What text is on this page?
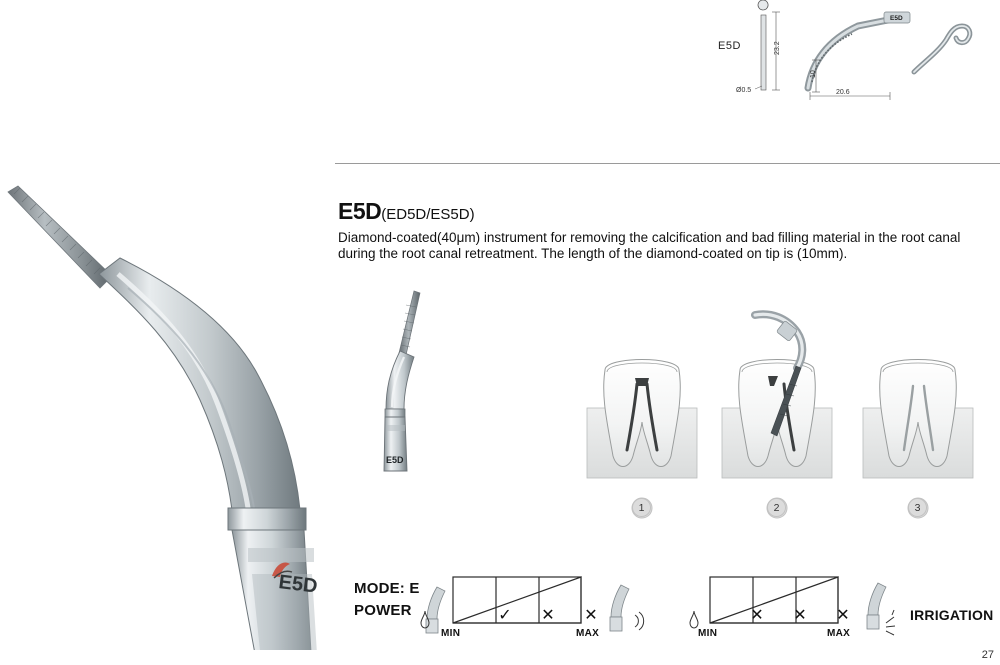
23.2
Ø0.5
E5D
10
20.6
E5D
E5D(ED5D/ES5D)
Diamond-coated(40μm) instrument for removing the calcification and bad filling material in the root canal during the root canal retreatment. The length of the diamond-coated on tip is (10mm).
E5D
E5D
1	2	3
MODE: E
POWER	IRRIGATION
✓	✕	✕
MIN	MAX
✕	✕	✕
MIN	MAX
27
